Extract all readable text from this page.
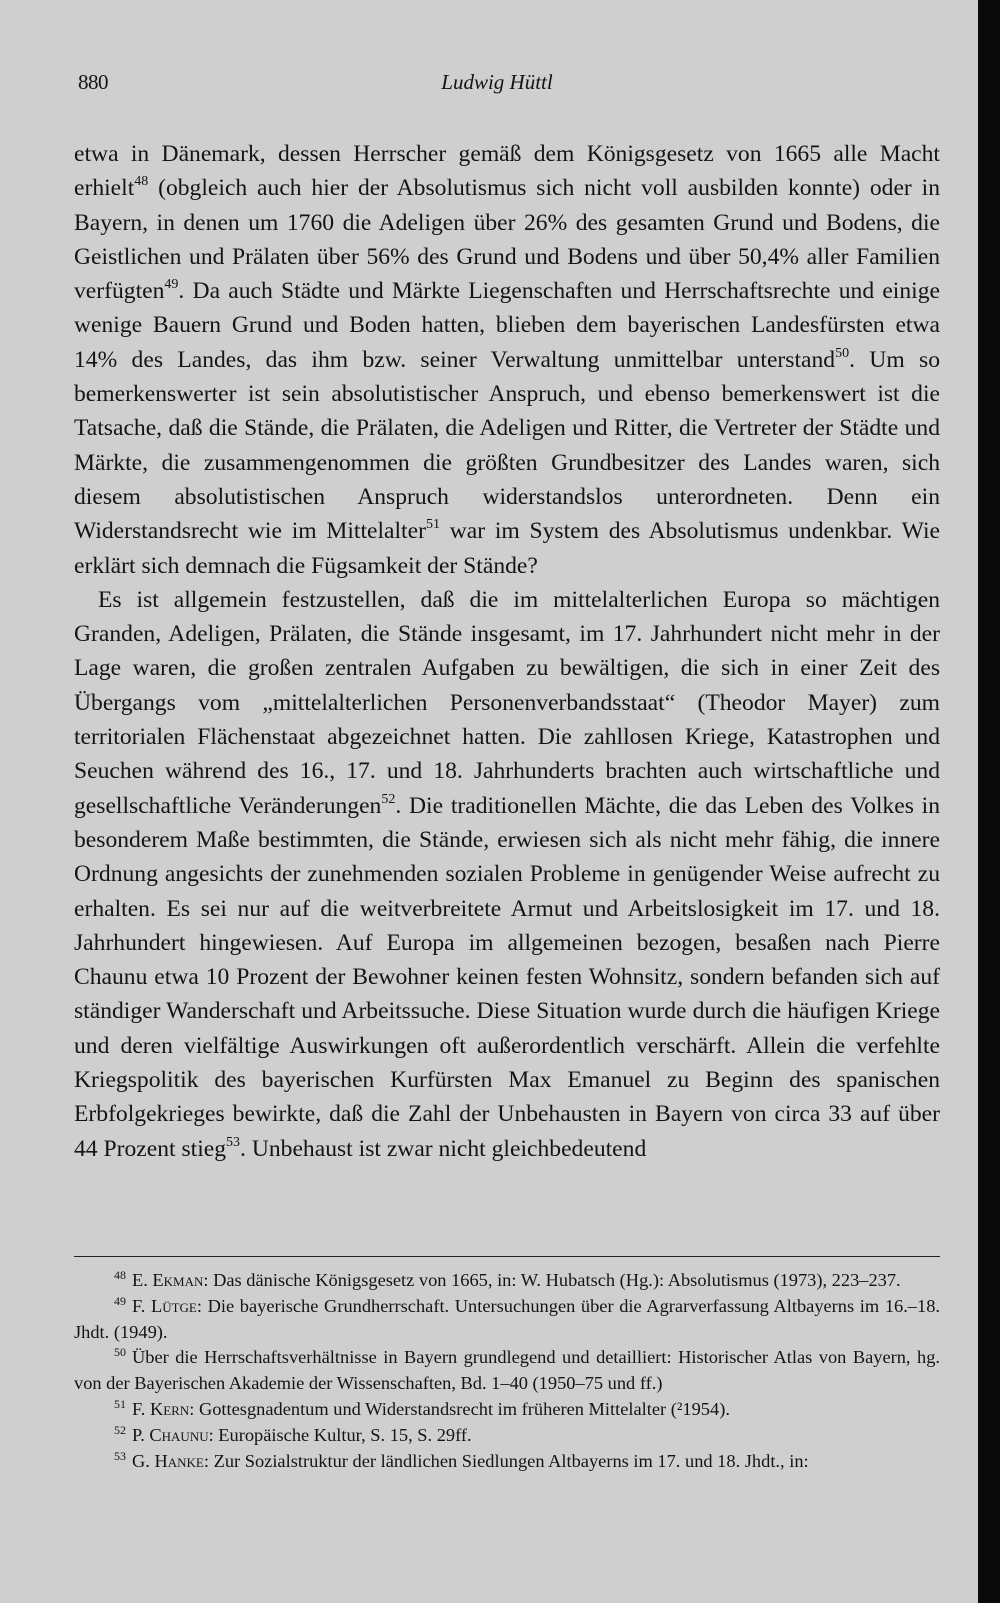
880	Ludwig Hüttl

etwa in Dänemark, dessen Herrscher gemäß dem Königsgesetz von 1665 alle Macht erhielt$^{48}$ (obgleich auch hier der Absolutismus sich nicht voll ausbilden konnte) oder in Bayern, in denen um 1760 die Adeligen über 26% des gesamten Grund und Bodens, die Geistlichen und Prälaten über 56% des Grund und Bodens und über 50,4% aller Familien verfügten$^{49}$. Da auch Städte und Märkte Liegenschaften und Herrschaftsrechte und einige wenige Bauern Grund und Boden hatten, blieben dem bayerischen Landesfürsten etwa 14% des Landes, das ihm bzw. seiner Verwaltung unmittelbar unterstand$^{50}$. Um so bemerkenswerter ist sein absolutistischer Anspruch, und ebenso bemerkenswert ist die Tatsache, daß die Stände, die Prälaten, die Adeligen und Ritter, die Vertreter der Städte und Märkte, die zusammengenommen die größten Grundbesitzer des Landes waren, sich diesem absolutistischen Anspruch widerstandslos unterordneten. Denn ein Widerstandsrecht wie im Mittelalter$^{51}$ war im System des Absolutismus undenkbar. Wie erklärt sich demnach die Fügsamkeit der Stände?

Es ist allgemein festzustellen, daß die im mittelalterlichen Europa so mächtigen Granden, Adeligen, Prälaten, die Stände insgesamt, im 17. Jahrhundert nicht mehr in der Lage waren, die großen zentralen Aufgaben zu bewältigen, die sich in einer Zeit des Übergangs vom „mittelalterlichen Personenverbandsstaat“ (Theodor Mayer) zum territorialen Flächenstaat abgezeichnet hatten. Die zahllosen Kriege, Katastrophen und Seuchen während des 16., 17. und 18. Jahrhunderts brachten auch wirtschaftliche und gesellschaftliche Veränderungen$^{52}$. Die traditionellen Mächte, die das Leben des Volkes in besonderem Maße bestimmten, die Stände, erwiesen sich als nicht mehr fähig, die innere Ordnung angesichts der zunehmenden sozialen Probleme in genügender Weise aufrecht zu erhalten. Es sei nur auf die weitverbreitete Armut und Arbeitslosigkeit im 17. und 18. Jahrhundert hingewiesen. Auf Europa im allgemeinen bezogen, besaßen nach Pierre Chaunu etwa 10 Prozent der Bewohner keinen festen Wohnsitz, sondern befanden sich auf ständiger Wanderschaft und Arbeitssuche. Diese Situation wurde durch die häufigen Kriege und deren vielfältige Auswirkungen oft außerordentlich verschärft. Allein die verfehlte Kriegspolitik des bayerischen Kurfürsten Max Emanuel zu Beginn des spanischen Erbfolgekrieges bewirkte, daß die Zahl der Unbehausten in Bayern von circa 33 auf über 44 Prozent stieg$^{53}$. Unbehaust ist zwar nicht gleichbedeutend

$^{48}$ E. Ekman: Das dänische Königsgesetz von 1665, in: W. Hubatsch (Hg.): Absolutismus (1973), 223–237.

$^{49}$ F. Lütge: Die bayerische Grundherrschaft. Untersuchungen über die Agrarverfassung Altbayerns im 16.–18. Jhdt. (1949).

$^{50}$ Über die Herrschaftsverhältnisse in Bayern grundlegend und detailliert: Historischer Atlas von Bayern, hg. von der Bayerischen Akademie der Wissenschaften, Bd. 1–40 (1950–75 und ff.)

$^{51}$ F. Kern: Gottesgnadentum und Widerstandsrecht im früheren Mittelalter (²1954).

$^{52}$ P. Chaunu: Europäische Kultur, S. 15, S. 29ff.

$^{53}$ G. Hanke: Zur Sozialstruktur der ländlichen Siedlungen Altbayerns im 17. und 18. Jhdt., in:
